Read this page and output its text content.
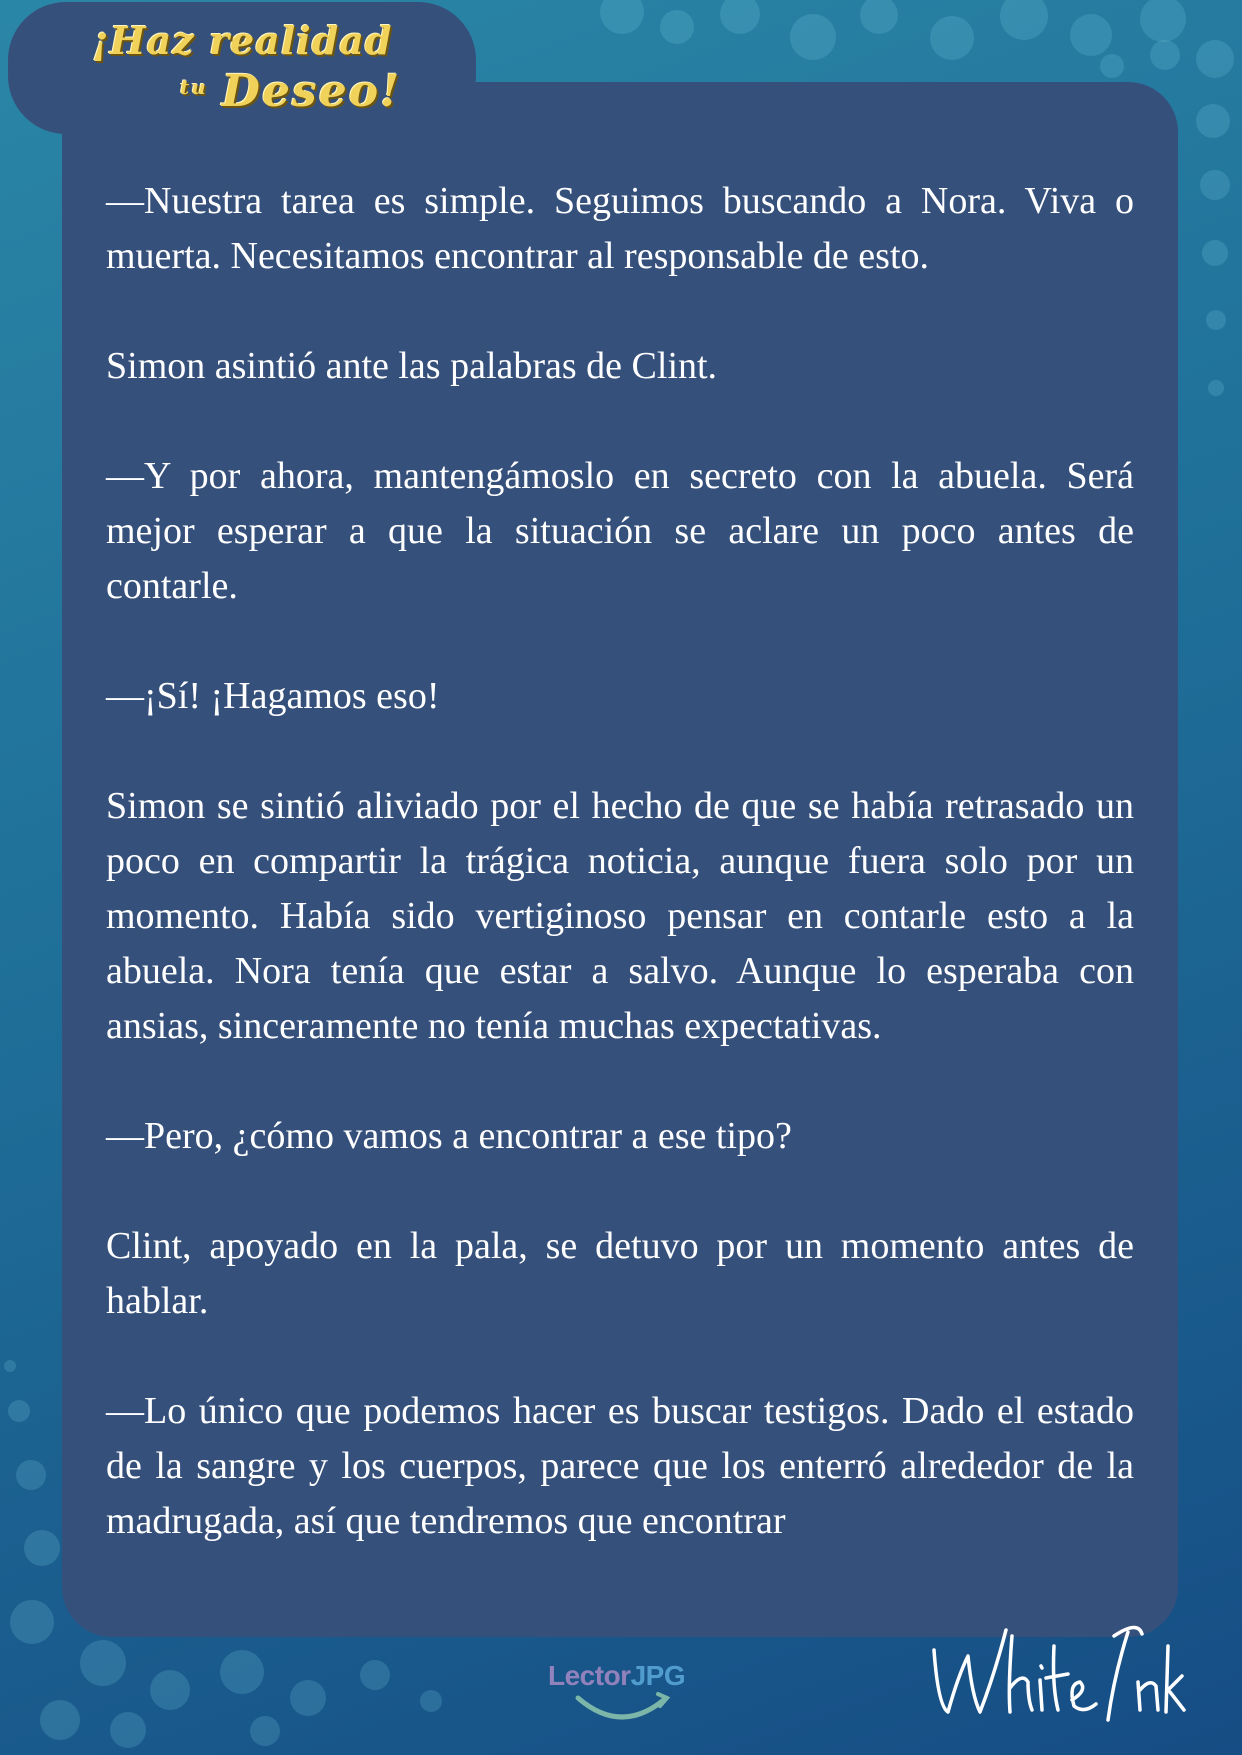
¡Haz realidad
$^{tu}$ Deseo!

—Nuestra tarea es simple. Seguimos buscando a Nora. Viva o muerta. Necesitamos encontrar al responsable de esto.

Simon asintió ante las palabras de Clint.

—Y por ahora, mantengámoslo en secreto con la abuela. Será mejor esperar a que la situación se aclare un poco antes de contarle.

—¡Sí! ¡Hagamos eso!

Simon se sintió aliviado por el hecho de que se había retrasado un poco en compartir la trágica noticia, aunque fuera solo por un momento. Había sido vertiginoso pensar en contarle esto a la abuela. Nora tenía que estar a salvo. Aunque lo esperaba con ansias, sinceramente no tenía muchas expectativas.

—Pero, ¿cómo vamos a encontrar a ese tipo?

Clint, apoyado en la pala, se detuvo por un momento antes de hablar.

—Lo único que podemos hacer es buscar testigos. Dado el estado de la sangre y los cuerpos, parece que los enterró alrededor de la madrugada, así que tendremos que encontrar

LectorJPG
